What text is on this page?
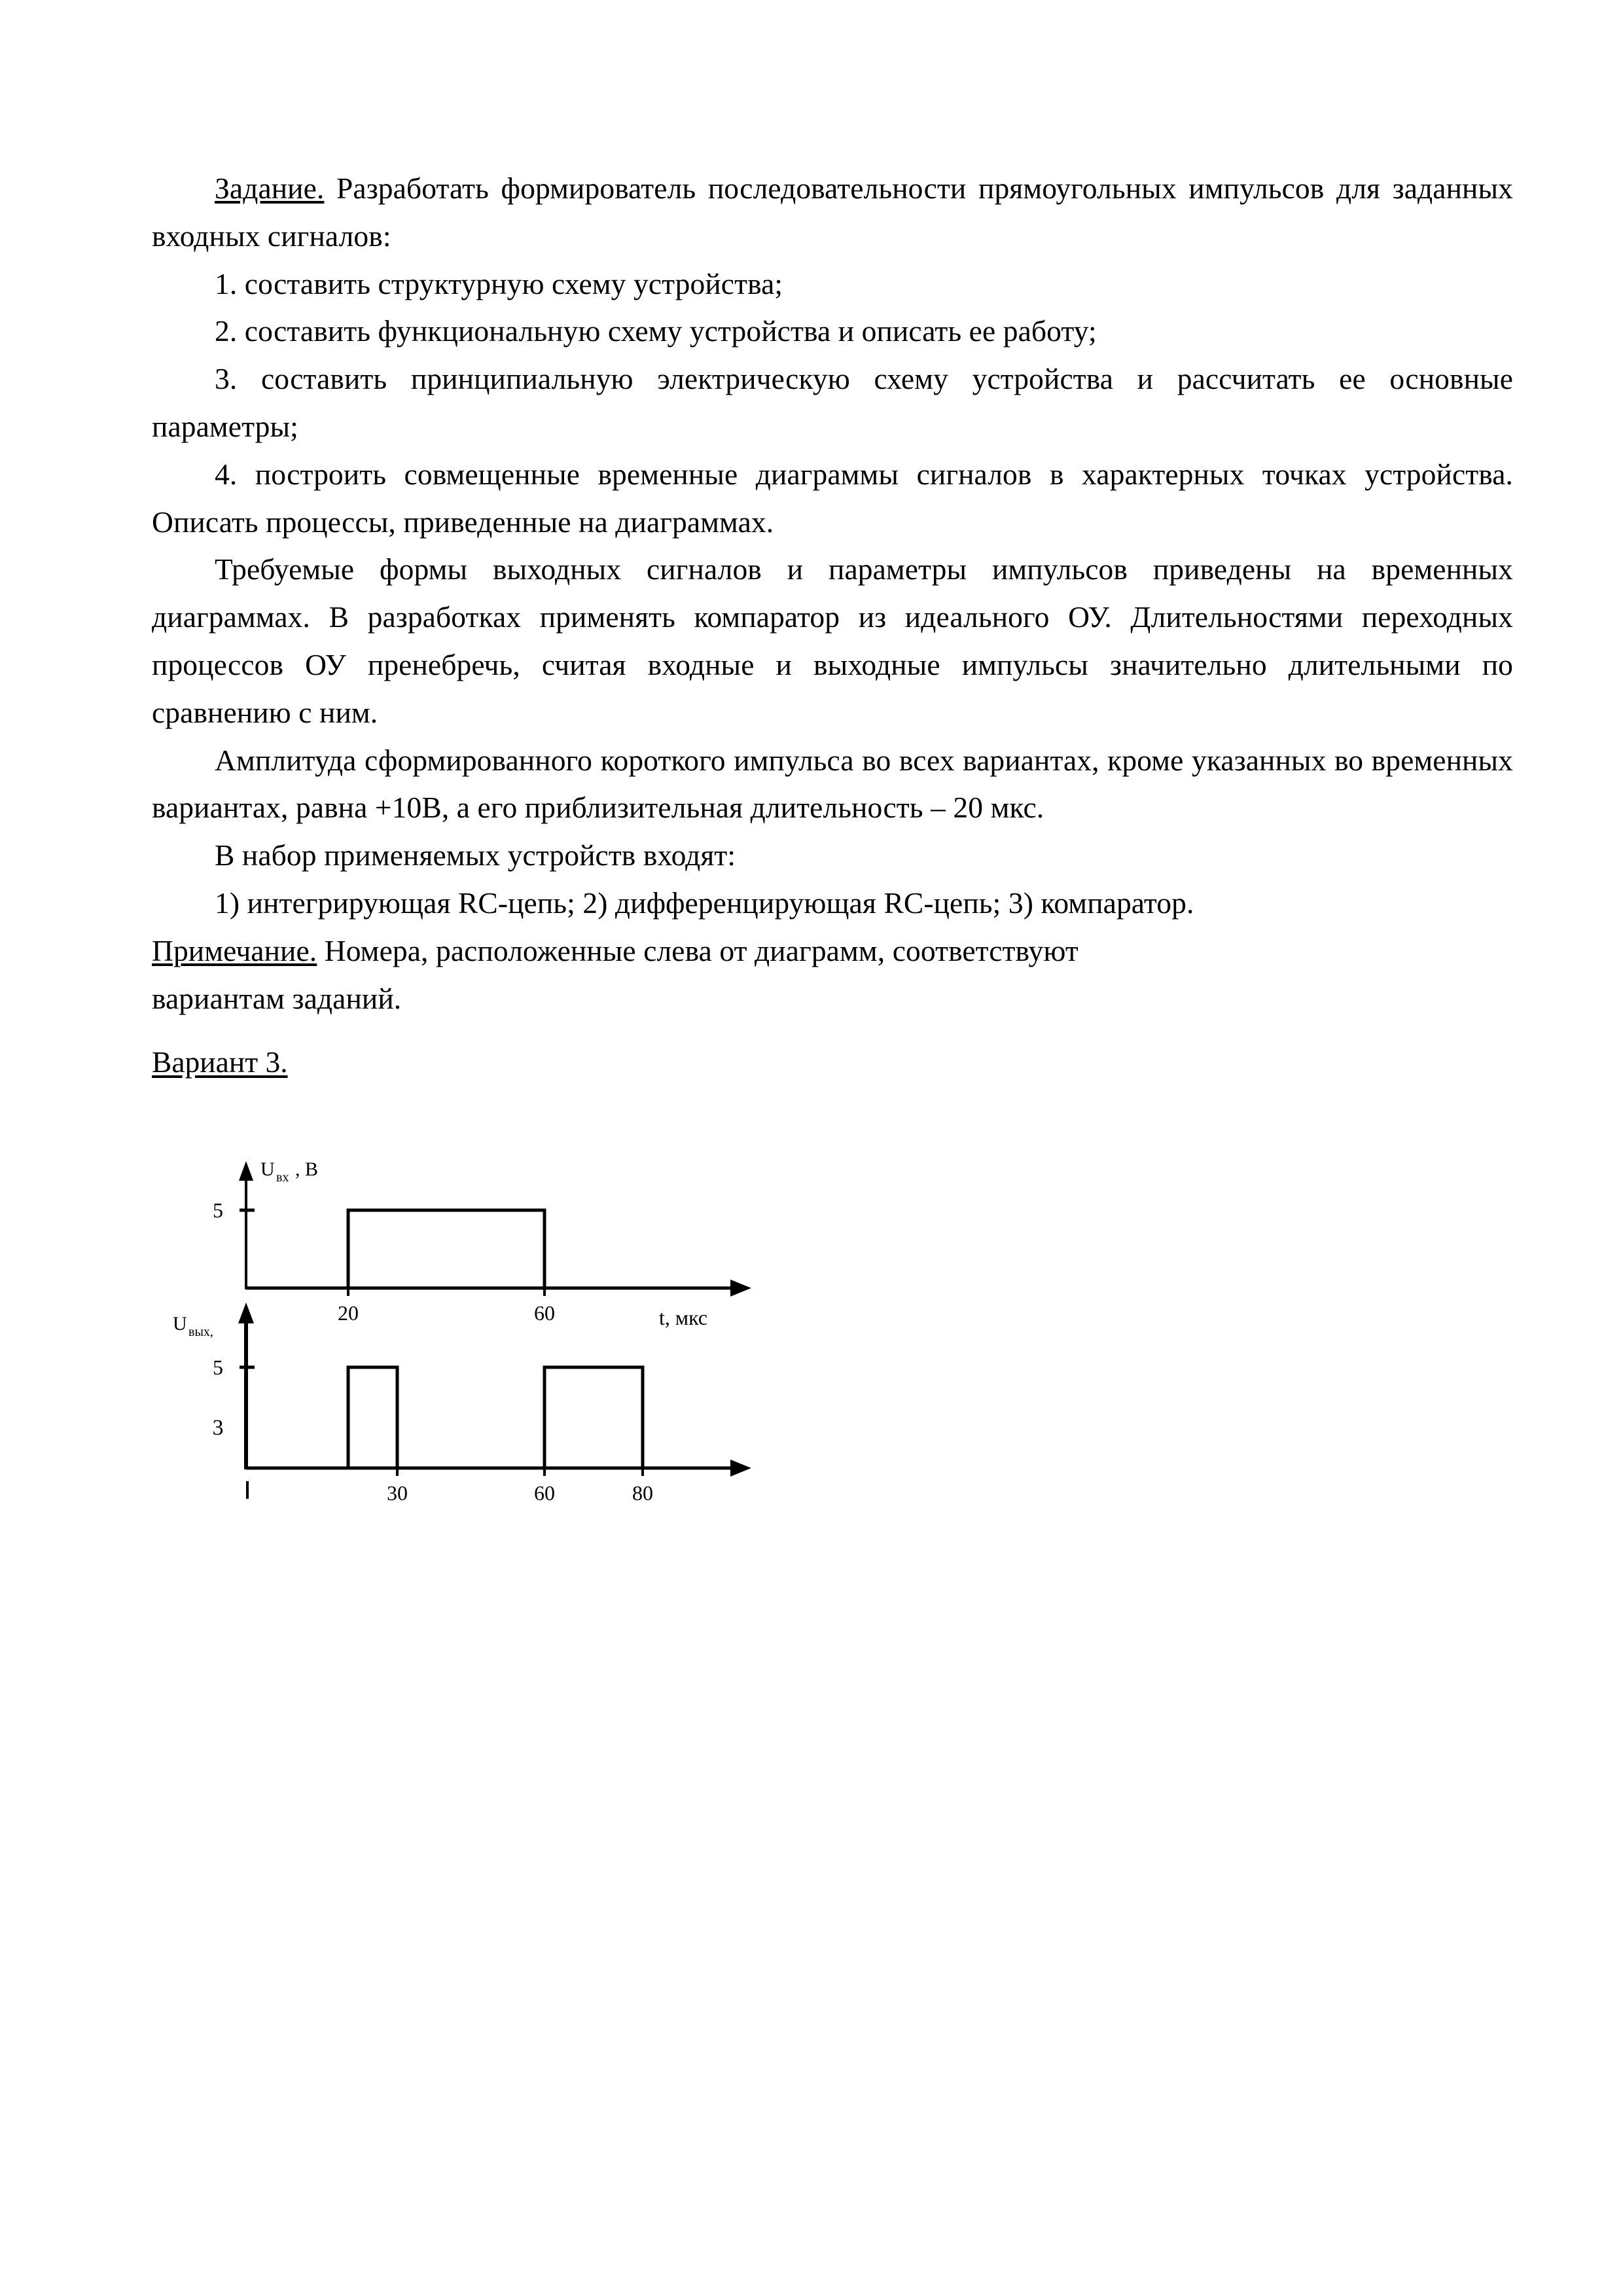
Задание. Разработать формирователь последовательности прямоугольных импульсов для заданных входных сигналов:

1. составить структурную схему устройства;

2. составить функциональную схему устройства и описать ее работу;

3. составить принципиальную электрическую схему устройства и рассчитать ее основные параметры;

4. построить совмещенные временные диаграммы сигналов в характерных точках устройства. Описать процессы, приведенные на диаграммах.

Требуемые формы выходных сигналов и параметры импульсов приведены на временных диаграммах. В разработках применять компаратор из идеального ОУ. Длительностями переходных процессов ОУ пренебречь, считая входные и выходные импульсы значительно длительными по сравнению с ним.

Амплитуда сформированного короткого импульса во всех вариантах, кроме указанных во временных вариантах, равна +10В, а его приблизительная длительность – 20 мкс.

В набор применяемых устройств входят:

1) интегрирующая RC-цепь; 2) дифференцирующая RC-цепь; 3) компаратор.

Примечание. Номера, расположенные слева от диаграмм, соответствуют

вариантам заданий.

Вариант 3.
U вх , В
5
20	60	t, мкс
U вых,
5
3
30	60	80
